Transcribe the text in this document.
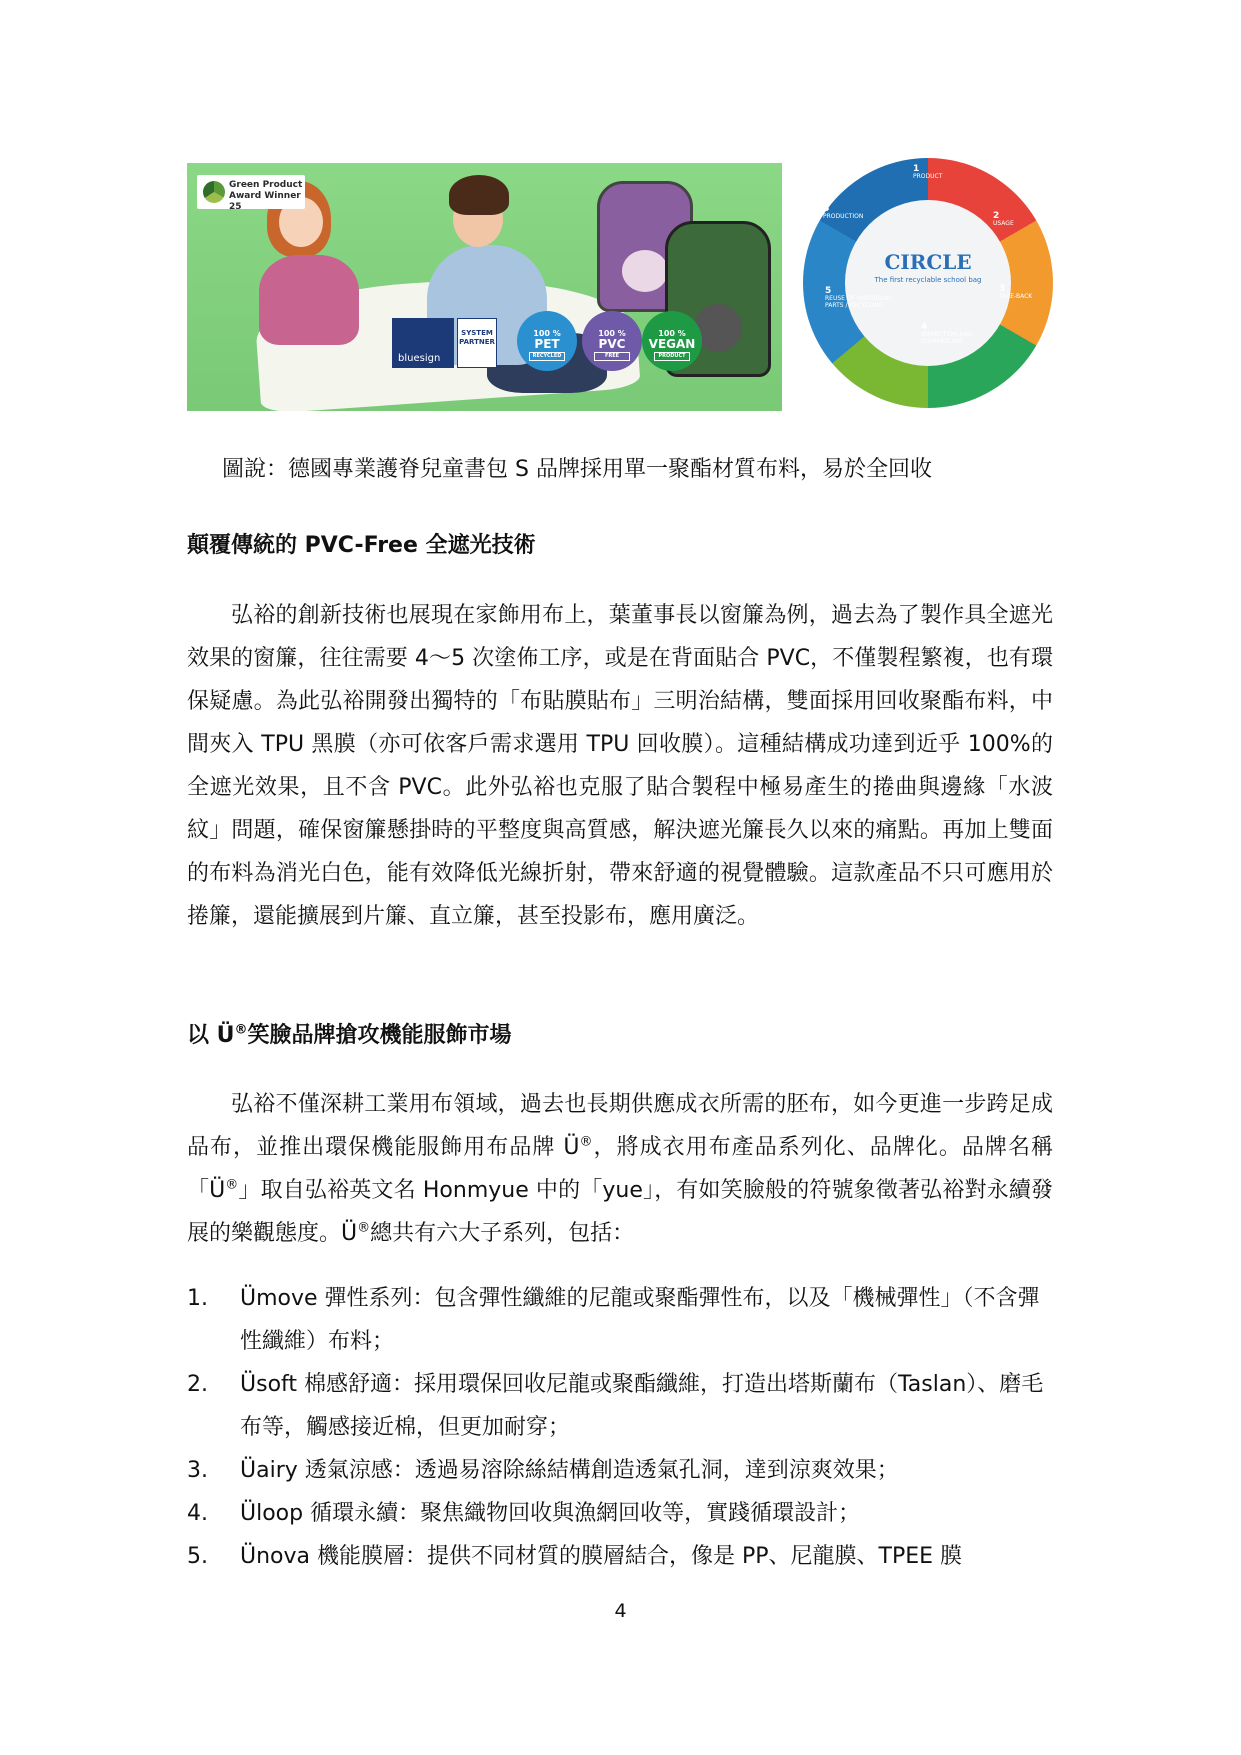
Green Product Award Winner 25
bluesign
SYSTEM PARTNER
100 %
PET
RECYCLED
100 %
PVC
FREE
100 %
VEGAN
PRODUCT
CIRCLE
The first recyclable school bag
1
PRODUCT
2
USAGE
3
TAKE-BACK
4
INSPECTION AND DISMANTLING
5
REUSE OF INDIVIDUAL PARTS / RECYCLING
6
PRODUCTION
圖說：德國專業護脊兒童書包 S 品牌採用單一聚酯材質布料，易於全回收
顛覆傳統的 PVC-Free 全遮光技術

弘裕的創新技術也展現在家飾用布上，葉董事長以窗簾為例，過去為了製作具全遮光效果的窗簾，往往需要 4～5 次塗佈工序，或是在背面貼合 PVC，不僅製程繁複，也有環保疑慮。為此弘裕開發出獨特的「布貼膜貼布」三明治結構，雙面採用回收聚酯布料，中間夾入 TPU 黑膜（亦可依客戶需求選用 TPU 回收膜）。這種結構成功達到近乎 100%的全遮光效果，且不含 PVC。此外弘裕也克服了貼合製程中極易產生的捲曲與邊緣「水波紋」問題，確保窗簾懸掛時的平整度與高質感，解決遮光簾長久以來的痛點。再加上雙面的布料為消光白色，能有效降低光線折射，帶來舒適的視覺體驗。這款產品不只可應用於捲簾，還能擴展到片簾、直立簾，甚至投影布，應用廣泛。

以 Ü®笑臉品牌搶攻機能服飾市場

弘裕不僅深耕工業用布領域，過去也長期供應成衣所需的胚布，如今更進一步跨足成品布，並推出環保機能服飾用布品牌 Ü®，將成衣用布產品系列化、品牌化。品牌名稱「Ü®」取自弘裕英文名 Honmyue 中的「yue」，有如笑臉般的符號象徵著弘裕對永續發展的樂觀態度。Ü®總共有六大子系列，包括：

1. Ümove 彈性系列：包含彈性纖維的尼龍或聚酯彈性布，以及「機械彈性」（不含彈性纖維）布料；
2. Üsoft 棉感舒適：採用環保回收尼龍或聚酯纖維，打造出塔斯蘭布（Taslan）、磨毛布等，觸感接近棉，但更加耐穿；
3. Üairy 透氣涼感：透過易溶除絲結構創造透氣孔洞，達到涼爽效果；
4. Üloop 循環永續：聚焦織物回收與漁網回收等，實踐循環設計；
5. Ünova 機能膜層：提供不同材質的膜層結合，像是 PP、尼龍膜、TPEE 膜
4
